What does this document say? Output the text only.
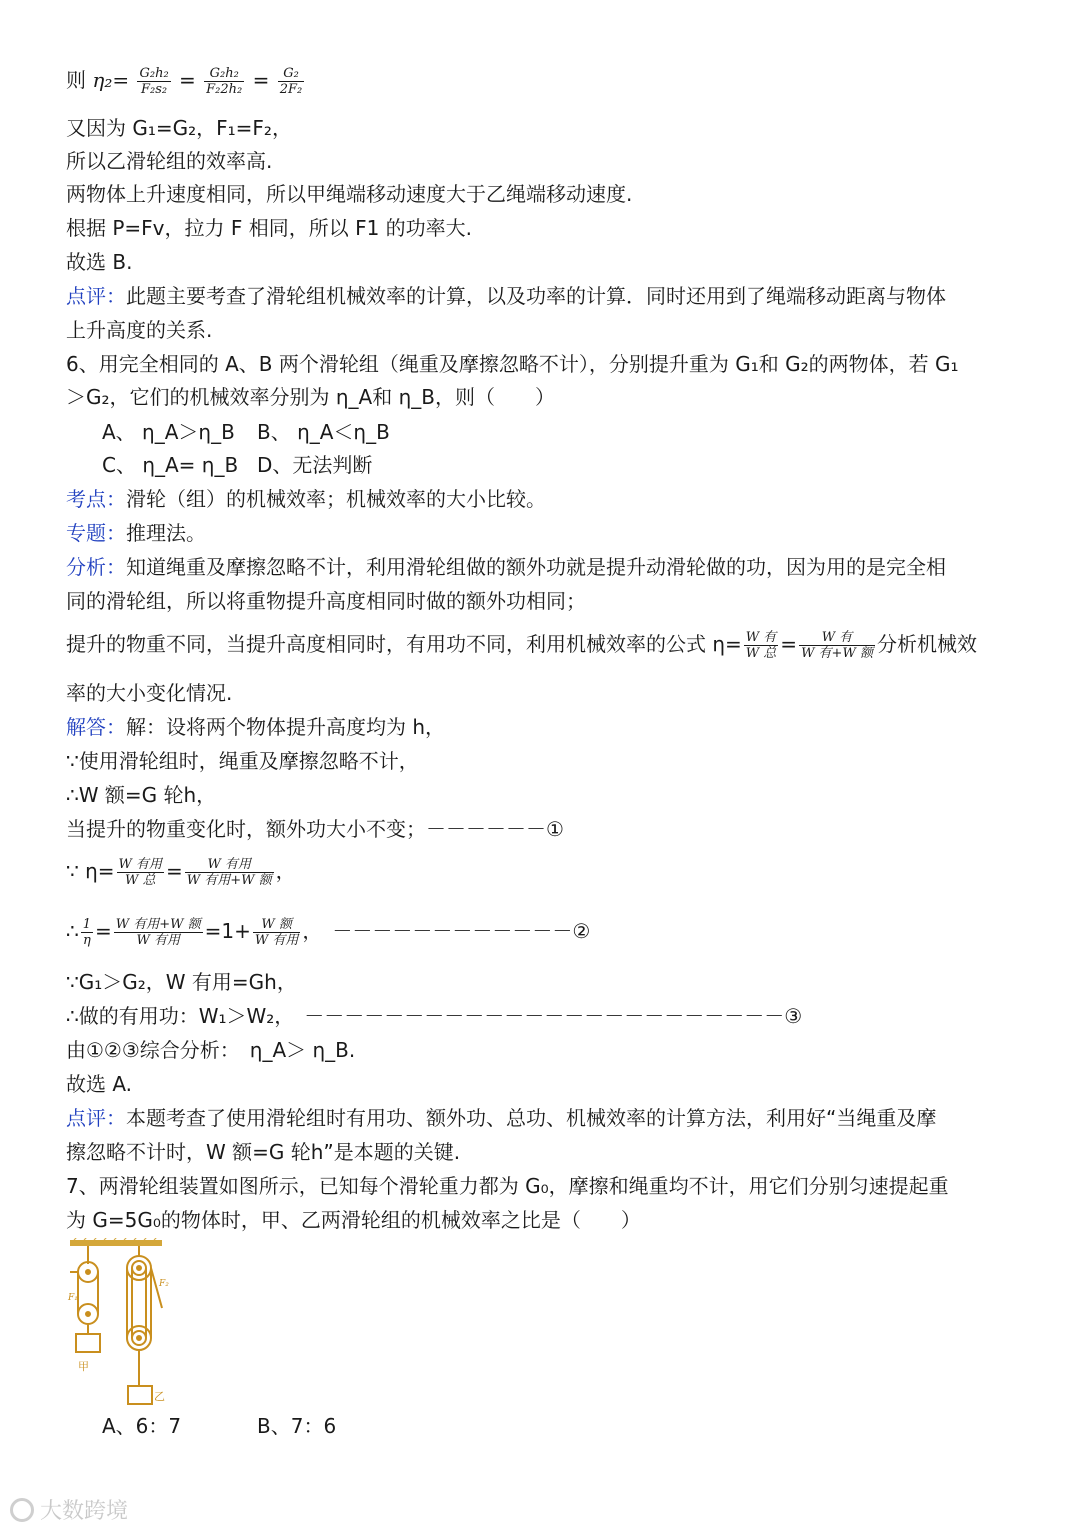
则 $\eta_2= \frac{\text{G₂h₂}}{\text{F₂s₂}} = \frac{\text{G₂h₂}}{\text{F₂2h₂}} = \frac{\text{G₂}}{\text{2F₂}}$
又因为 G₁=G₂，F₁=F₂，
所以乙滑轮组的效率高.
两物体上升速度相同，所以甲绳端移动速度大于乙绳端移动速度.
根据 P=Fv，拉力 F 相同，所以 F1 的功率大.
故选 B.
点评：此题主要考查了滑轮组机械效率的计算，以及功率的计算．同时还用到了绳端移动距离与物体
上升高度的关系.
6、用完全相同的 A、B 两个滑轮组（绳重及摩擦忽略不计），分别提升重为 G₁和 G₂的两物体，若 G₁
＞G₂，它们的机械效率分别为 η_A和 η_B，则（　　）
A、 η_A＞η_B B、 η_A＜η_B
C、 η_A= η_B D、无法判断
考点：滑轮（组）的机械效率；机械效率的大小比较。
专题：推理法。
分析：知道绳重及摩擦忽略不计，利用滑轮组做的额外功就是提升动滑轮做的功，因为用的是完全相
同的滑轮组，所以将重物提升高度相同时做的额外功相同；
提升的物重不同，当提升高度相同时，有用功不同，利用机械效率的公式 $\eta= \frac{\text{W 有}}{\text{W 总}} = \frac{\text{W 有}}{\text{W 有+W 额}}$ 分析机械效
率的大小变化情况.
解答：解：设将两个物体提升高度均为 h，
∵使用滑轮组时，绳重及摩擦忽略不计，
∴W 额=G 轮h，
当提升的物重变化时，额外功大小不变；－－－－－－①
∵ $\eta= \frac{\text{W 有用}}{\text{W 总}} = \frac{\text{W 有用}}{\text{W 有用+W 额}}$ ，
∴ $\frac{1}{\eta} = \frac{\text{W 有用+W 额}}{\text{W 有用}} =1+ \frac{\text{W 额}}{\text{W 有用}}$ ，　－－－－－－－－－－－－②
∵G₁＞G₂，W 有用=Gh，
∴做的有用功：W₁＞W₂，　－－－－－－－－－－－－－－－－－－－－－－－－③
由①②③综合分析：　η_A＞ η_B.
故选 A.
点评：本题考查了使用滑轮组时有用功、额外功、总功、机械效率的计算方法，利用好“当绳重及摩
擦忽略不计时，W 额=G 轮h”是本题的关键.
7、两滑轮组装置如图所示，已知每个滑轮重力都为 G₀，摩擦和绳重均不计，用它们分别匀速提起重
为 G=5G₀的物体时，甲、乙两滑轮组的机械效率之比是（　　）
F₁
F₂
甲
乙
A、6：7	B、7：6
大数跨境
